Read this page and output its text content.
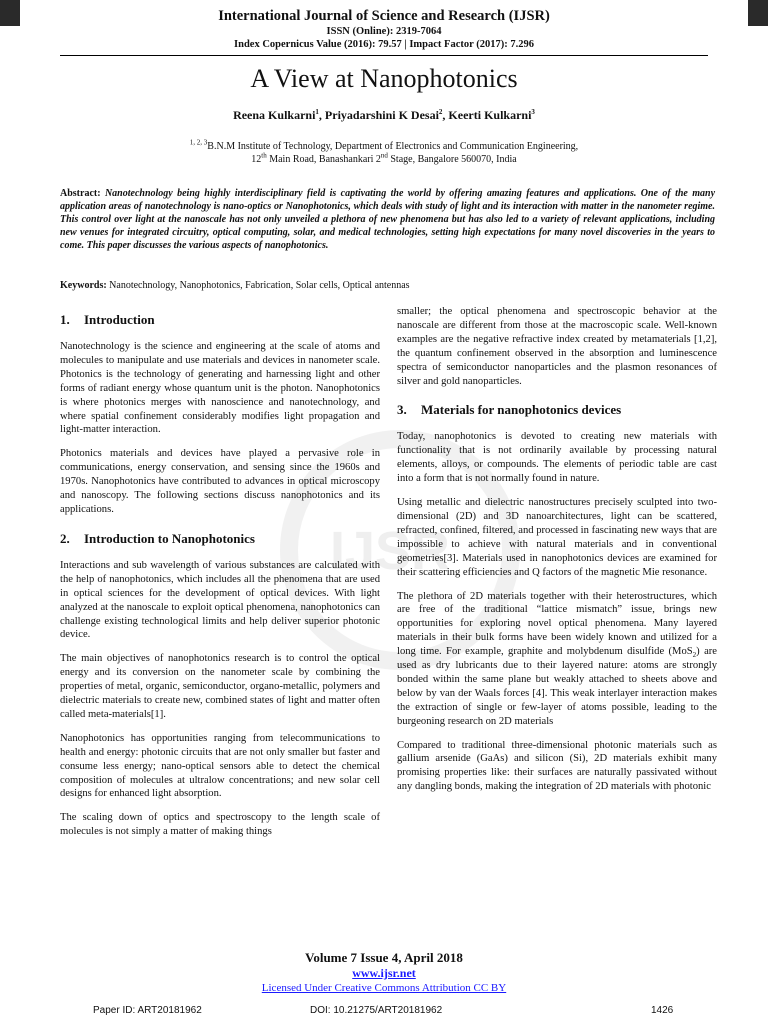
International Journal of Science and Research (IJSR)
ISSN (Online): 2319-7064
Index Copernicus Value (2016): 79.57 | Impact Factor (2017): 7.296
A View at Nanophotonics
Reena Kulkarni$^1$, Priyadarshini K Desai$^2$, Keerti Kulkarni$^3$
$^{1, 2, 3}$B.N.M Institute of Technology, Department of Electronics and Communication Engineering,
12th Main Road, Banashankari 2nd Stage, Bangalore 560070, India
Abstract: Nanotechnology being highly interdisciplinary field is captivating the world by offering amazing features and applications. One of the many application areas of nanotechnology is nano-optics or Nanophotonics, which deals with study of light and its interaction with matter in the nanometer regime. This control over light at the nanoscale has not only unveiled a plethora of new phenomena but has also led to a variety of relevant applications, including new venues for integrated circuitry, optical computing, solar, and medical technologies, setting high expectations for many novel discoveries in the years to come. This paper discusses the various aspects of nanophotonics.
Keywords: Nanotechnology, Nanophotonics, Fabrication, Solar cells, Optical antennas
IJSR
1. Introduction

Nanotechnology is the science and engineering at the scale of atoms and molecules to manipulate and use materials and devices in nanometer scale. Photonics is the technology of generating and harnessing light and other forms of radiant energy whose quantum unit is the photon. Nanophotonics is where photonics merges with nanoscience and nanotechnology, and where spatial confinement considerably modifies light propagation and light-matter interaction.

Photonics materials and devices have played a pervasive role in communications, energy conservation, and sensing since the 1960s and 1970s. Nanophotonics have contributed to advances in optical microscopy and nanoscopy. The following sections discuss nanophotonics and its applications.

2. Introduction to Nanophotonics

Interactions and sub wavelength of various substances are calculated with the help of nanophotonics, which includes all the phenomena that are used in optical sciences for the development of optical devices. With light analyzed at the nanoscale to exploit optical phenomena, nanophotonics can challenge existing technological limits and help deliver superior photonic device.

The main objectives of nanophotonics research is to control the optical energy and its conversion on the nanometer scale by combining the properties of metal, organic, semiconductor, organo-metallic, polymers and dielectric materials to create new, combined states of light and matter often called meta-materials[1].

Nanophotonics has opportunities ranging from telecommunications to health and energy: photonic circuits that are not only smaller but faster and consume less energy; nano-optical sensors able to detect the chemical composition of molecules at ultralow concentrations; and new solar cell designs for enhanced light absorption.

The scaling down of optics and spectroscopy to the length scale of molecules is not simply a matter of making things

smaller; the optical phenomena and spectroscopic behavior at the nanoscale are different from those at the macroscopic scale. Well-known examples are the negative refractive index created by metamaterials [1,2], the quantum confinement observed in the absorption and luminescence spectra of semiconductor nanoparticles and the plasmon resonances of silver and gold nanoparticles.

3. Materials for nanophotonics devices

Today, nanophotonics is devoted to creating new materials with functionality that is not ordinarily available by processing natural elements, alloys, or compounds. The elements of periodic table are cast into a form that is not normally found in nature.

Using metallic and dielectric nanostructures precisely sculpted into two-dimensional (2D) and 3D nanoarchitectures, light can be scattered, refracted, confined, filtered, and processed in fascinating new ways that are impossible to achieve with natural materials and in conventional geometries[3]. Materials used in nanophotonics devices are examined for their scattering efficiencies and Q factors of the magnetic Mie resonance.

The plethora of 2D materials together with their heterostructures, which are free of the traditional “lattice mismatch” issue, brings new opportunities for exploring novel optical phenomena. Many layered materials in their bulk forms have been widely known and utilized for a long time. For example, graphite and molybdenum disulfide (MoS$_2$) are used as dry lubricants due to their layered nature: atoms are strongly bonded within the same plane but weakly attached to sheets above and below by van der Waals forces [4]. This weak interlayer interaction makes the extraction of single or few-layer of atoms possible, leading to the burgeoning research on 2D materials

Compared to traditional three-dimensional photonic materials such as gallium arsenide (GaAs) and silicon (Si), 2D materials exhibit many promising properties like: their surfaces are naturally passivated without any dangling bonds, making the integration of 2D materials with photonic

Volume 7 Issue 4, April 2018
www.ijsr.net
Licensed Under Creative Commons Attribution CC BY
Paper ID: ART20181962	DOI: 10.21275/ART20181962	1426
